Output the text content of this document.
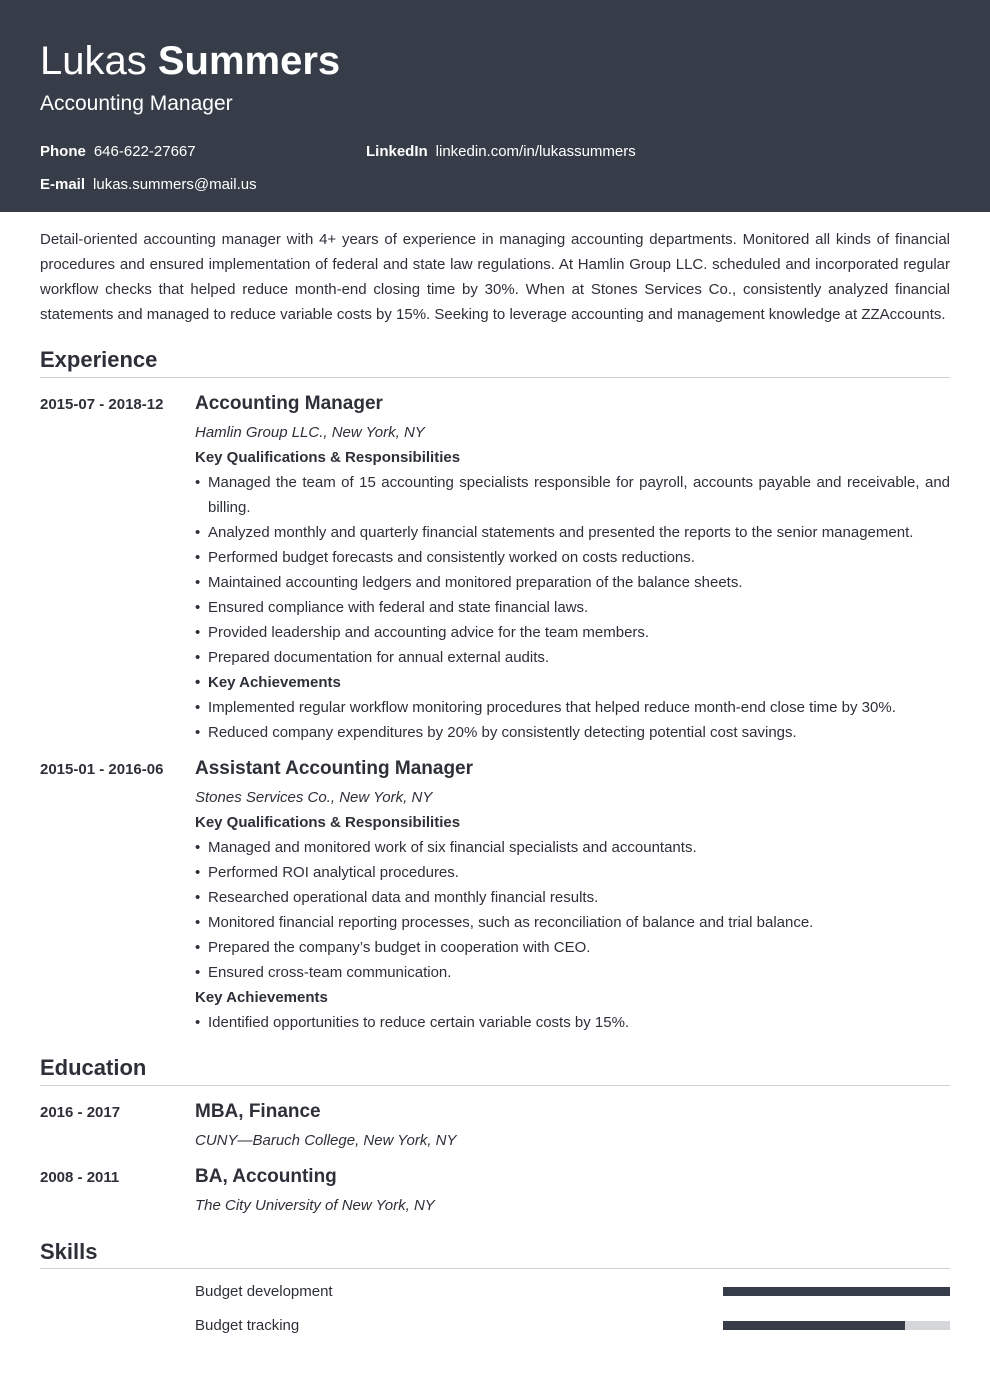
Lukas Summers
Accounting Manager
Phone 646-622-27667	LinkedIn linkedin.com/in/lukassummers
E-mail lukas.summers@mail.us
Detail-oriented accounting manager with 4+ years of experience in managing accounting departments. Monitored all kinds of financial procedures and ensured implementation of federal and state law regulations. At Hamlin Group LLC. scheduled and incorporated regular workflow checks that helped reduce month-end closing time by 30%. When at Stones Services Co., consistently analyzed financial statements and managed to reduce variable costs by 15%. Seeking to leverage accounting and management knowledge at ZZAccounts.
Experience
2015-07 - 2018-12 Accounting Manager
Hamlin Group LLC., New York, NY
Key Qualifications & Responsibilities
• Managed the team of 15 accounting specialists responsible for payroll, accounts payable and receivable, and billing.
• Analyzed monthly and quarterly financial statements and presented the reports to the senior management.
• Performed budget forecasts and consistently worked on costs reductions.
• Maintained accounting ledgers and monitored preparation of the balance sheets.
• Ensured compliance with federal and state financial laws.
• Provided leadership and accounting advice for the team members.
• Prepared documentation for annual external audits.
• Key Achievements
• Implemented regular workflow monitoring procedures that helped reduce month-end close time by 30%.
• Reduced company expenditures by 20% by consistently detecting potential cost savings.
2015-01 - 2016-06 Assistant Accounting Manager
Stones Services Co., New York, NY
Key Qualifications & Responsibilities
• Managed and monitored work of six financial specialists and accountants.
• Performed ROI analytical procedures.
• Researched operational data and monthly financial results.
• Monitored financial reporting processes, such as reconciliation of balance and trial balance.
• Prepared the company’s budget in cooperation with CEO.
• Ensured cross-team communication.
Key Achievements
• Identified opportunities to reduce certain variable costs by 15%.
Education
2016 - 2017	MBA, Finance
CUNY—Baruch College, New York, NY
2008 - 2011	BA, Accounting
The City University of New York, NY
Skills
Budget development
Budget tracking
